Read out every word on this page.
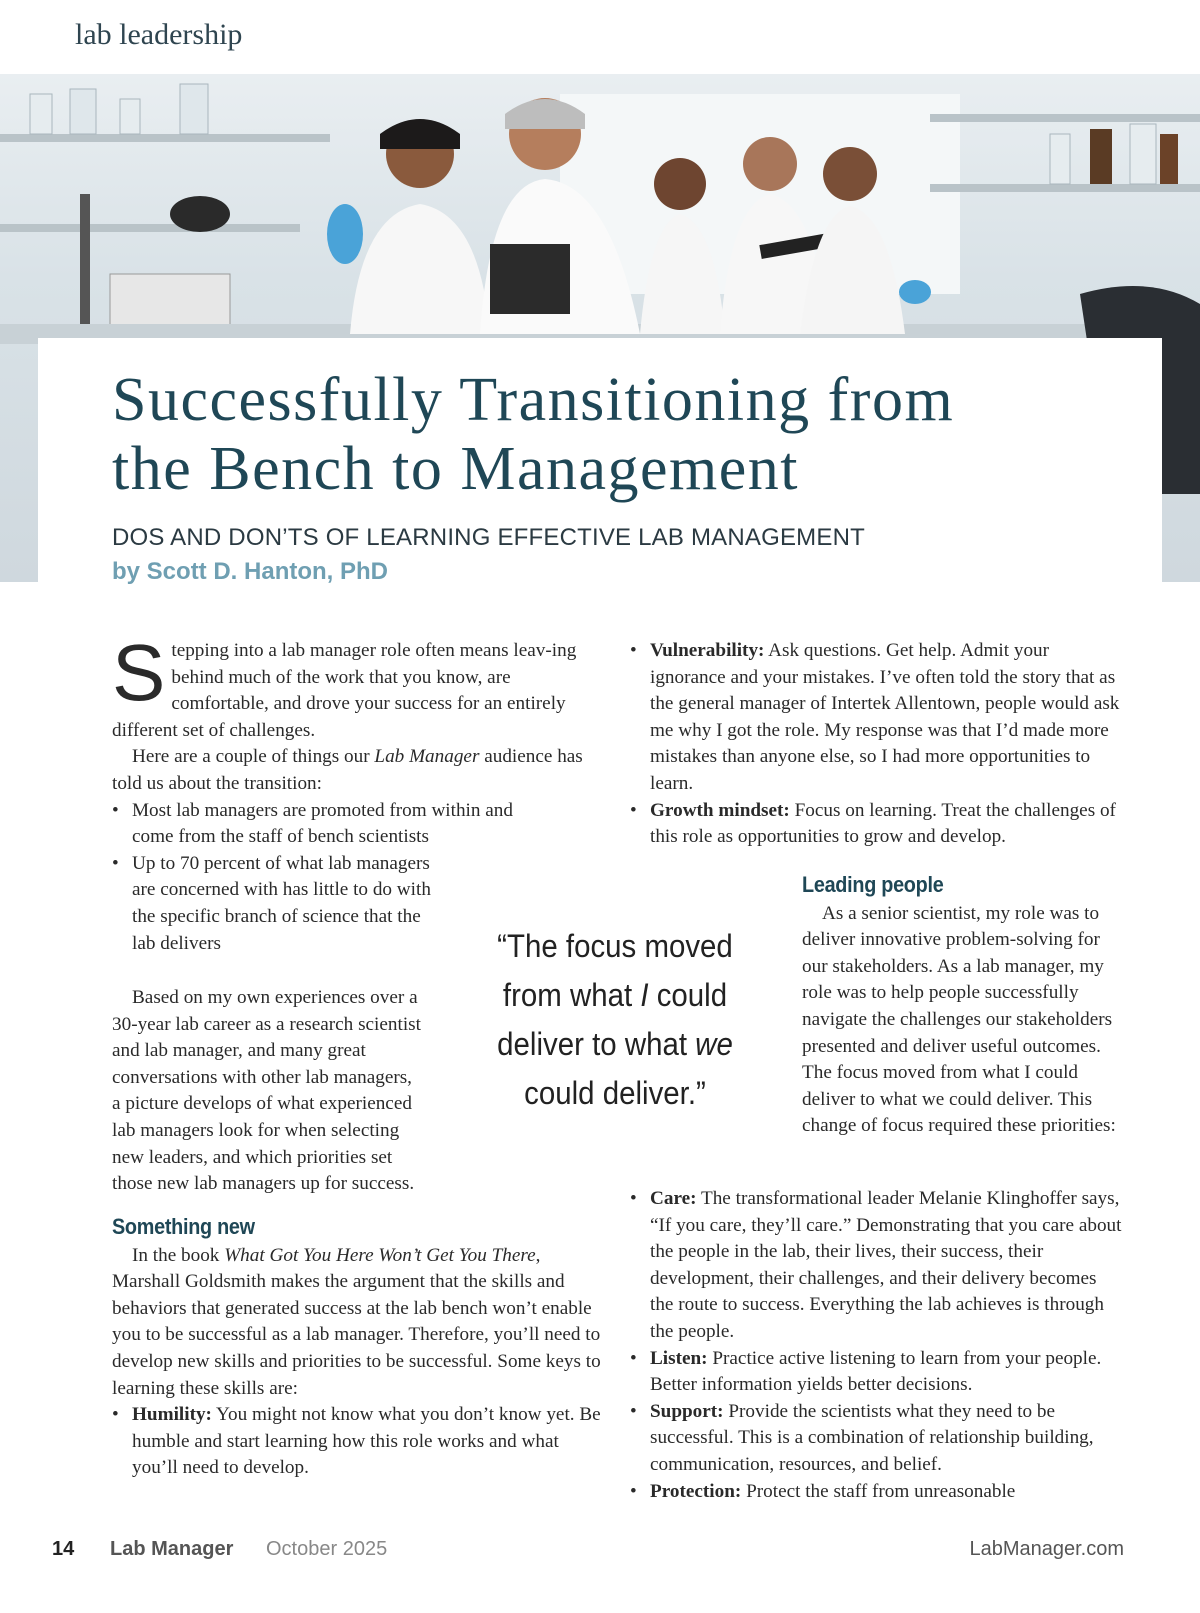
lab leadership
Successfully Transitioning from
the Bench to Management
DOS AND DON’TS OF LEARNING EFFECTIVE LAB MANAGEMENT
by Scott D. Hanton, PhD

Stepping into a lab manager role often means leav-ing behind much of the work that you know, are comfortable, and drove your success for an entirely different set of challenges.

Here are a couple of things our Lab Manager audience has told us about the transition:

• Most lab managers are promoted from within and come from the staff of bench scientists
• Up to 70 percent of what lab managers are concerned with has little to do with the specific branch of science that the lab delivers

Based on my own experiences over a 30-year lab career as a research scientist and lab manager, and many great conversations with other lab managers, a picture develops of what experienced lab managers look for when selecting new leaders, and which priorities set those new lab managers up for success.

“The focus moved from what I could deliver to what we could deliver.”
Something new

In the book What Got You Here Won’t Get You There, Marshall Goldsmith makes the argument that the skills and behaviors that generated success at the lab bench won’t enable you to be successful as a lab manager. Therefore, you’ll need to develop new skills and priorities to be successful. Some keys to learning these skills are:

• Humility: You might not know what you don’t know yet. Be humble and start learning how this role works and what you’ll need to develop.
• Vulnerability: Ask questions. Get help. Admit your ignorance and your mistakes. I’ve often told the story that as the general manager of Intertek Allentown, people would ask me why I got the role. My response was that I’d made more mistakes than anyone else, so I had more opportunities to learn.
• Growth mindset: Focus on learning. Treat the challenges of this role as opportunities to grow and develop.
Leading people

As a senior scientist, my role was to deliver innovative problem-solving for our stakeholders. As a lab manager, my role was to help people successfully navigate the challenges our stakeholders presented and deliver useful outcomes. The focus moved from what I could deliver to what we could deliver. This change of focus required these priorities:

• Care: The transformational leader Melanie Klinghoffer says, “If you care, they’ll care.” Demonstrating that you care about the people in the lab, their lives, their success, their development, their challenges, and their delivery becomes the route to success. Everything the lab achieves is through the people.
• Listen: Practice active listening to learn from your people. Better information yields better decisions.
• Support: Provide the scientists what they need to be successful. This is a combination of relationship building, communication, resources, and belief.
• Protection: Protect the staff from unreasonable
14 Lab Manager October 2025	LabManager.com
